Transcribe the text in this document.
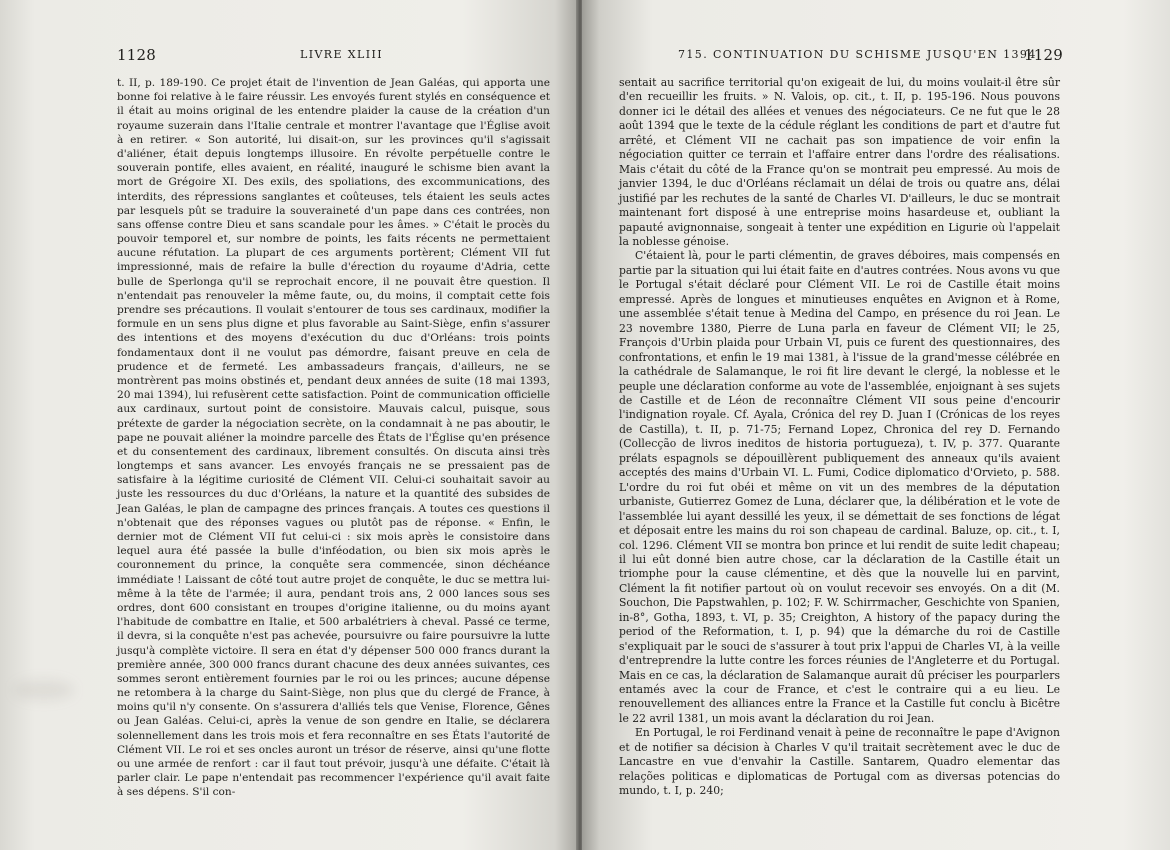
1128	LIVRE XLIII

t. II, p. 189-190. Ce projet était de l'invention de Jean Galéas, qui apporta une bonne foi relative à le faire réussir. Les envoyés furent stylés en conséquence et il était au moins original de les entendre plaider la cause de la création d'un royaume suzerain dans l'Italie centrale et montrer l'avantage que l'Église avoit à en retirer. « Son autorité, lui disait-on, sur les provinces qu'il s'agissait d'aliéner, était depuis longtemps illusoire. En révolte perpétuelle contre le souverain pontife, elles avaient, en réalité, inauguré le schisme bien avant la mort de Grégoire XI. Des exils, des spoliations, des excommunications, des interdits, des répressions sanglantes et coûteuses, tels étaient les seuls actes par lesquels pût se traduire la souveraineté d'un pape dans ces contrées, non sans offense contre Dieu et sans scandale pour les âmes. » C'était le procès du pouvoir temporel et, sur nombre de points, les faits récents ne permettaient aucune réfutation. La plupart de ces arguments portèrent; Clément VII fut impressionné, mais de refaire la bulle d'érection du royaume d'Adria, cette bulle de Sperlonga qu'il se reprochait encore, il ne pouvait être question. Il n'entendait pas renouveler la même faute, ou, du moins, il comptait cette fois prendre ses précautions. Il voulait s'entourer de tous ses cardinaux, modifier la formule en un sens plus digne et plus favorable au Saint-Siège, enfin s'assurer des intentions et des moyens d'exécution du duc d'Orléans: trois points fondamentaux dont il ne voulut pas démordre, faisant preuve en cela de prudence et de fermeté. Les ambassadeurs français, d'ailleurs, ne se montrèrent pas moins obstinés et, pendant deux années de suite (18 mai 1393, 20 mai 1394), lui refusèrent cette satisfaction. Point de communication officielle aux cardinaux, surtout point de consistoire. Mauvais calcul, puisque, sous prétexte de garder la négociation secrète, on la condamnait à ne pas aboutir, le pape ne pouvait aliéner la moindre parcelle des États de l'Église qu'en présence et du consentement des cardinaux, librement consultés. On discuta ainsi très longtemps et sans avancer. Les envoyés français ne se pressaient pas de satisfaire à la légitime curiosité de Clément VII. Celui-ci souhaitait savoir au juste les ressources du duc d'Orléans, la nature et la quantité des subsides de Jean Galéas, le plan de campagne des princes français. A toutes ces questions il n'obtenait que des réponses vagues ou plutôt pas de réponse. « Enfin, le dernier mot de Clément VII fut celui-ci : six mois après le consistoire dans lequel aura été passée la bulle d'inféodation, ou bien six mois après le couronnement du prince, la conquête sera commencée, sinon déchéance immédiate ! Laissant de côté tout autre projet de conquête, le duc se mettra lui-même à la tête de l'armée; il aura, pendant trois ans, 2 000 lances sous ses ordres, dont 600 consistant en troupes d'origine italienne, ou du moins ayant l'habitude de combattre en Italie, et 500 arbalétriers à cheval. Passé ce terme, il devra, si la conquête n'est pas achevée, poursuivre ou faire poursuivre la lutte jusqu'à complète victoire. Il sera en état d'y dépenser 500 000 francs durant la première année, 300 000 francs durant chacune des deux années suivantes, ces sommes seront entièrement fournies par le roi ou les princes; aucune dépense ne retombera à la charge du Saint-Siège, non plus que du clergé de France, à moins qu'il n'y consente. On s'assurera d'alliés tels que Venise, Florence, Gênes ou Jean Galéas. Celui-ci, après la venue de son gendre en Italie, se déclarera solennellement dans les trois mois et fera reconnaître en ses États l'autorité de Clément VII. Le roi et ses oncles auront un trésor de réserve, ainsi qu'une flotte ou une armée de renfort : car il faut tout prévoir, jusqu'à une défaite. C'était là parler clair. Le pape n'entendait pas recommencer l'expérience qu'il avait faite à ses dépens. S'il con-

715. CONTINUATION DU SCHISME JUSQU'EN 1394
1129

sentait au sacrifice territorial qu'on exigeait de lui, du moins voulait-il être sûr d'en recueillir les fruits. » N. Valois, op. cit., t. II, p. 195-196. Nous pouvons donner ici le détail des allées et venues des négociateurs. Ce ne fut que le 28 août 1394 que le texte de la cédule réglant les conditions de part et d'autre fut arrêté, et Clément VII ne cachait pas son impatience de voir enfin la négociation quitter ce terrain et l'affaire entrer dans l'ordre des réalisations. Mais c'était du côté de la France qu'on se montrait peu empressé. Au mois de janvier 1394, le duc d'Orléans réclamait un délai de trois ou quatre ans, délai justifié par les rechutes de la santé de Charles VI. D'ailleurs, le duc se montrait maintenant fort disposé à une entreprise moins hasardeuse et, oubliant la papauté avignonnaise, songeait à tenter une expédition en Ligurie où l'appelait la noblesse génoise.

C'étaient là, pour le parti clémentin, de graves déboires, mais compensés en partie par la situation qui lui était faite en d'autres contrées. Nous avons vu que le Portugal s'était déclaré pour Clément VII. Le roi de Castille était moins empressé. Après de longues et minutieuses enquêtes en Avignon et à Rome, une assemblée s'était tenue à Medina del Campo, en présence du roi Jean. Le 23 novembre 1380, Pierre de Luna parla en faveur de Clément VII; le 25, François d'Urbin plaida pour Urbain VI, puis ce furent des questionnaires, des confrontations, et enfin le 19 mai 1381, à l'issue de la grand'messe célébrée en la cathédrale de Salamanque, le roi fit lire devant le clergé, la noblesse et le peuple une déclaration conforme au vote de l'assemblée, enjoignant à ses sujets de Castille et de Léon de reconnaître Clément VII sous peine d'encourir l'indignation royale. Cf. Ayala, Crónica del rey D. Juan I (Crónicas de los reyes de Castilla), t. II, p. 71-75; Fernand Lopez, Chronica del rey D. Fernando (Collecção de livros ineditos de historia portugueza), t. IV, p. 377. Quarante prélats espagnols se dépouillèrent publiquement des anneaux qu'ils avaient acceptés des mains d'Urbain VI. L. Fumi, Codice diplomatico d'Orvieto, p. 588. L'ordre du roi fut obéi et même on vit un des membres de la députation urbaniste, Gutierrez Gomez de Luna, déclarer que, la délibération et le vote de l'assemblée lui ayant dessillé les yeux, il se démettait de ses fonctions de légat et déposait entre les mains du roi son chapeau de cardinal. Baluze, op. cit., t. I, col. 1296. Clément VII se montra bon prince et lui rendit de suite ledit chapeau; il lui eût donné bien autre chose, car la déclaration de la Castille était un triomphe pour la cause clémentine, et dès que la nouvelle lui en parvint, Clément la fit notifier partout où on voulut recevoir ses envoyés. On a dit (M. Souchon, Die Papstwahlen, p. 102; F. W. Schirrmacher, Geschichte von Spanien, in-8°, Gotha, 1893, t. VI, p. 35; Creighton, A history of the papacy during the period of the Reformation, t. I, p. 94) que la démarche du roi de Castille s'expliquait par le souci de s'assurer à tout prix l'appui de Charles VI, à la veille d'entreprendre la lutte contre les forces réunies de l'Angleterre et du Portugal. Mais en ce cas, la déclaration de Salamanque aurait dû préciser les pourparlers entamés avec la cour de France, et c'est le contraire qui a eu lieu. Le renouvellement des alliances entre la France et la Castille fut conclu à Bicêtre le 22 avril 1381, un mois avant la déclaration du roi Jean.

En Portugal, le roi Ferdinand venait à peine de reconnaître le pape d'Avignon et de notifier sa décision à Charles V qu'il traitait secrètement avec le duc de Lancastre en vue d'envahir la Castille. Santarem, Quadro elementar das relações politicas e diplomaticas de Portugal com as diversas potencias do mundo, t. I, p. 240;
